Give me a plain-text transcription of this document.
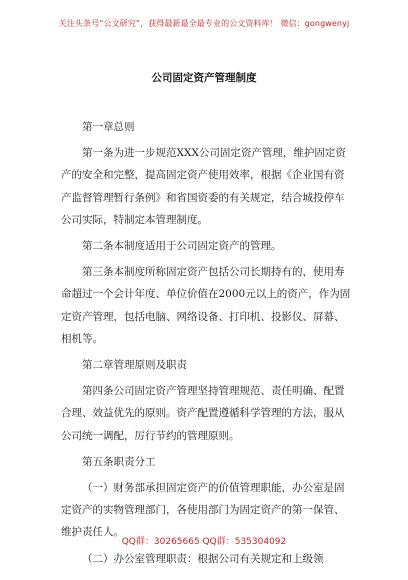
关注头条号“公文研究”，获得最新最全最专业的公文资料库！ 微信：gongwenyj
公司固定资产管理制度

第一章总则

第一条为进一步规范XXX公司固定资产管理，维护固定资产的安全和完整，提高固定资产使用效率，根据《企业国有资产监督管理暂行条例》和省国资委的有关规定，结合城投停车公司实际，特制定本管理制度。

第二条本制度适用于公司固定资产的管理。

第三条本制度所称固定资产包括公司长期持有的，使用寿命超过一个会计年度、单位价值在2000元以上的资产，作为固定资产管理，包括电脑、网络设备、打印机、投影仪、屏幕、相机等。

第二章管理原则及职责

第四条公司固定资产管理坚持管理规范、责任明确、配置合理、效益优先的原则。资产配置遵循科学管理的方法，服从公司统一调配，厉行节约的管理原则。

第五条职责分工

（一）财务部承担固定资产的价值管理职能，办公室是固定资产的实物管理部门，各使用部门为固定资产的第一保管、维护责任人。

（二）办公室管理职责：根据公司有关规定和上级领

QQ群：30265665 QQ群：535304092
